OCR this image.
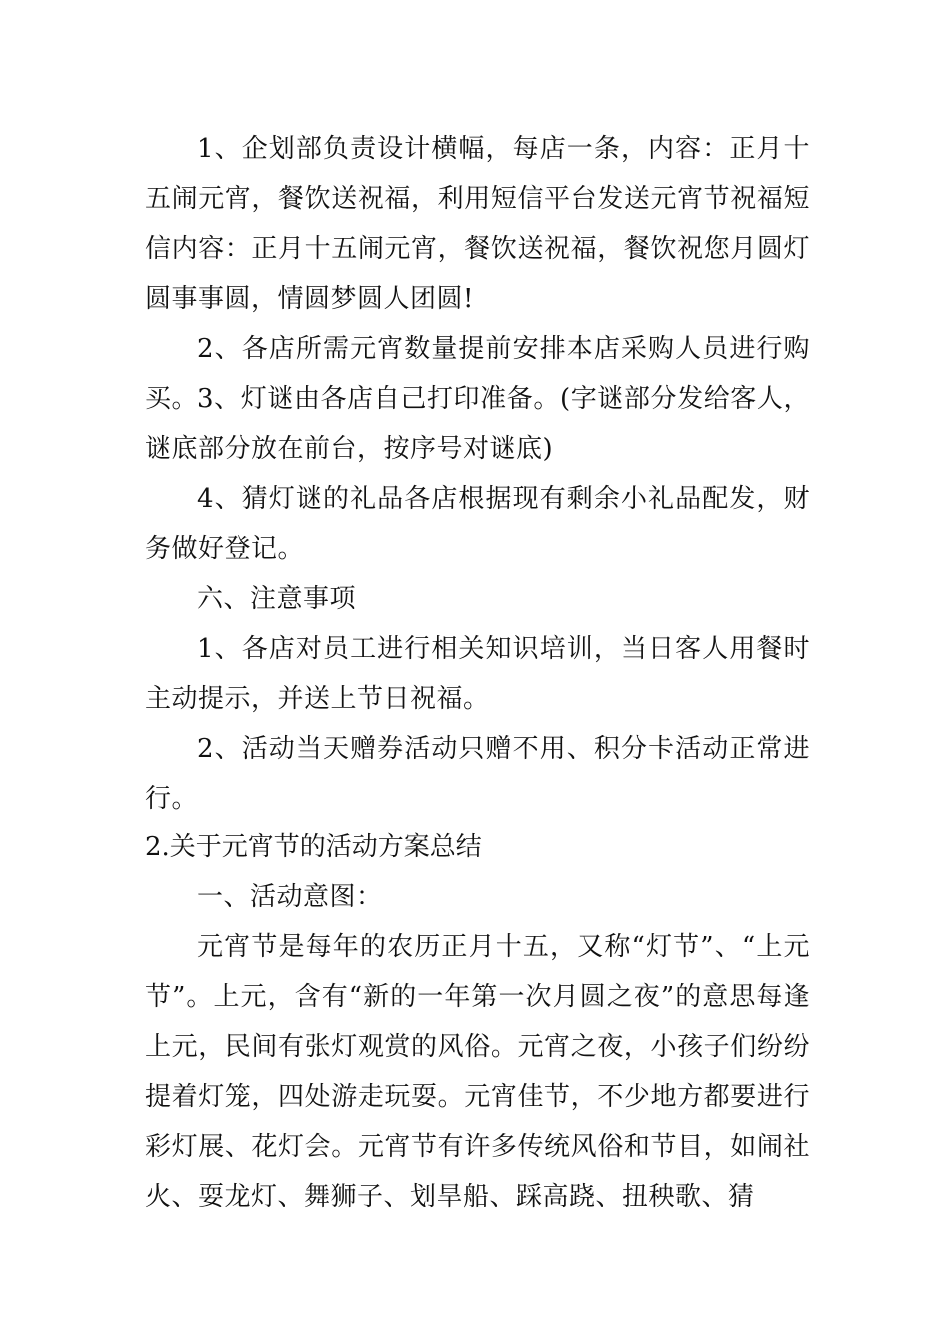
1、企划部负责设计横幅，每店一条，内容：正月十五闹元宵，餐饮送祝福，利用短信平台发送元宵节祝福短信内容：正月十五闹元宵，餐饮送祝福，餐饮祝您月圆灯圆事事圆，情圆梦圆人团圆!

2、各店所需元宵数量提前安排本店采购人员进行购买。

3、灯谜由各店自己打印准备。(字谜部分发给客人，谜底部分放在前台，按序号对谜底)

4、猜灯谜的礼品各店根据现有剩余小礼品配发，财务做好登记。

六、注意事项

1、各店对员工进行相关知识培训，当日客人用餐时主动提示，并送上节日祝福。

2、活动当天赠券活动只赠不用、积分卡活动正常进行。

2.关于元宵节的活动方案总结

一、活动意图：

元宵节是每年的农历正月十五，又称“灯节”、“上元节”。上元，含有“新的一年第一次月圆之夜”的意思每逢上元，民间有张灯观赏的风俗。元宵之夜，小孩子们纷纷提着灯笼，四处游走玩耍。元宵佳节，不少地方都要进行彩灯展、花灯会。元宵节有许多传统风俗和节目，如闹社火、耍龙灯、舞狮子、划旱船、踩高跷、扭秧歌、猜
